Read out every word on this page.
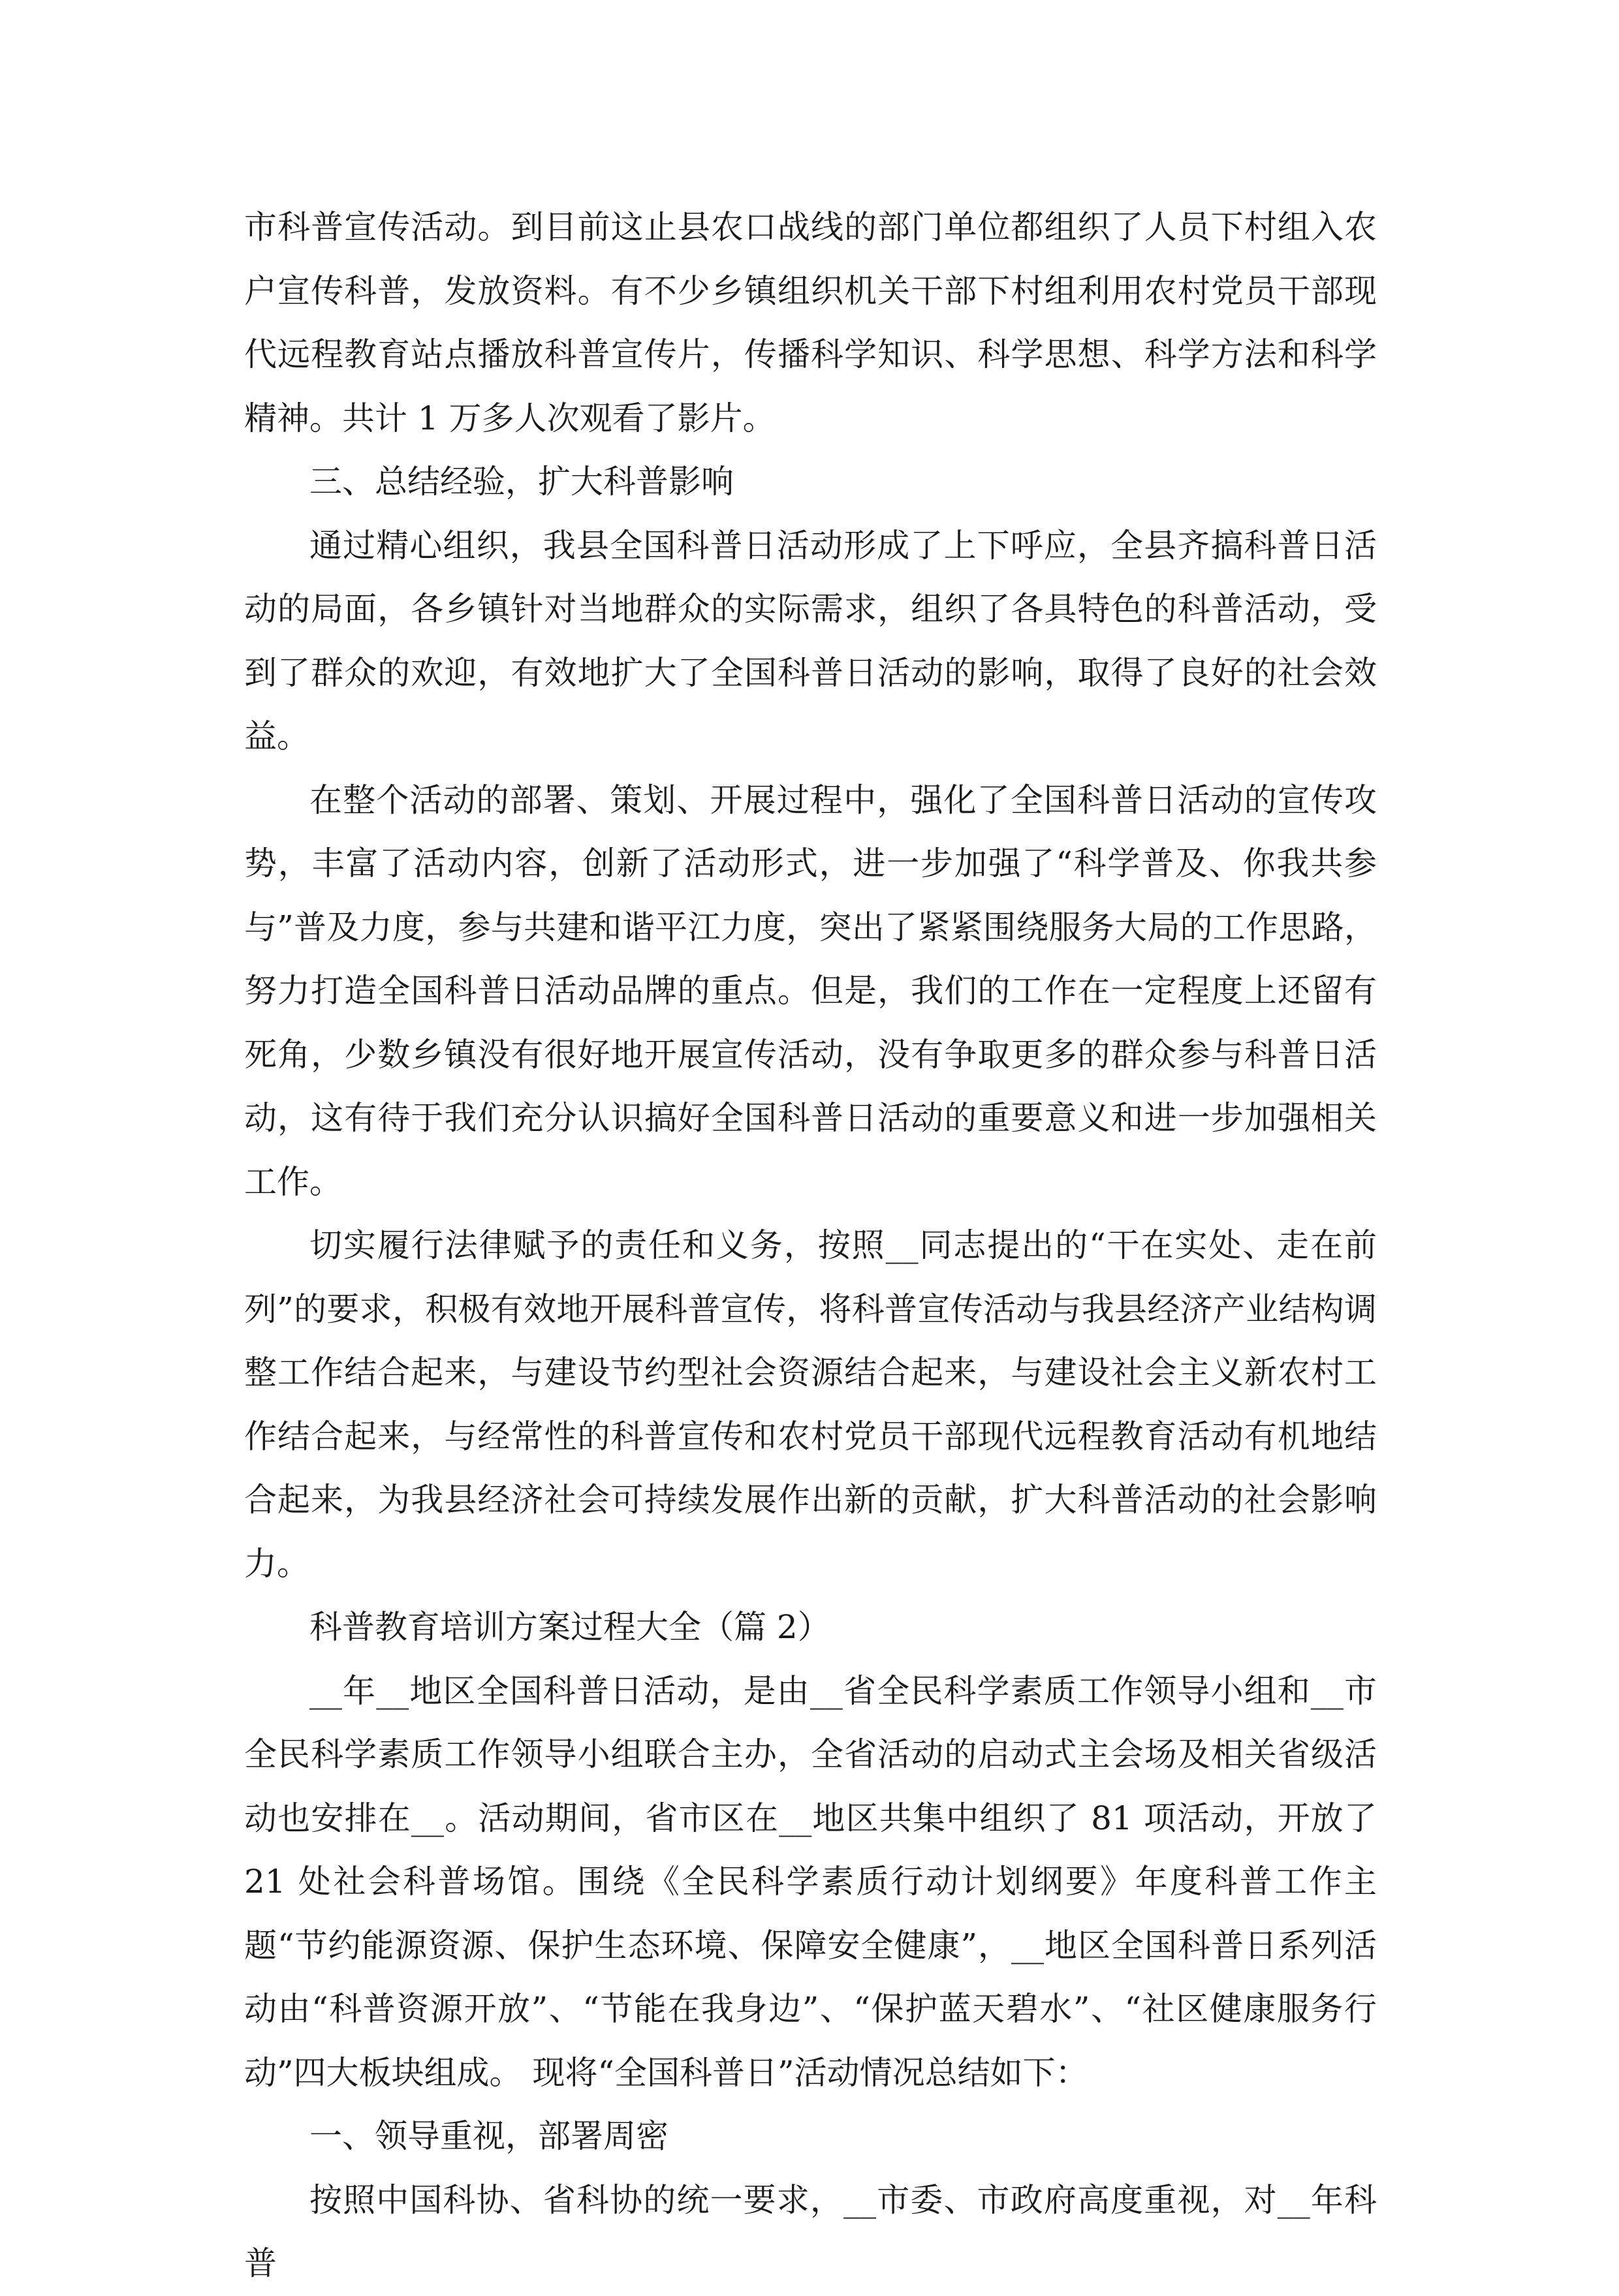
市科普宣传活动。到目前这止县农口战线的部门单位都组织了人员下村组入农户宣传科普，发放资料。有不少乡镇组织机关干部下村组利用农村党员干部现代远程教育站点播放科普宣传片，传播科学知识、科学思想、科学方法和科学精神。共计 1 万多人次观看了影片。

三、总结经验，扩大科普影响

通过精心组织，我县全国科普日活动形成了上下呼应，全县齐搞科普日活动的局面，各乡镇针对当地群众的实际需求，组织了各具特色的科普活动，受到了群众的欢迎，有效地扩大了全国科普日活动的影响，取得了良好的社会效益。

在整个活动的部署、策划、开展过程中，强化了全国科普日活动的宣传攻势，丰富了活动内容，创新了活动形式，进一步加强了“科学普及、你我共参与”普及力度，参与共建和谐平江力度，突出了紧紧围绕服务大局的工作思路，努力打造全国科普日活动品牌的重点。但是，我们的工作在一定程度上还留有死角，少数乡镇没有很好地开展宣传活动，没有争取更多的群众参与科普日活动，这有待于我们充分认识搞好全国科普日活动的重要意义和进一步加强相关工作。

切实履行法律赋予的责任和义务，按照__同志提出的“干在实处、走在前列”的要求，积极有效地开展科普宣传，将科普宣传活动与我县经济产业结构调整工作结合起来，与建设节约型社会资源结合起来，与建设社会主义新农村工作结合起来，与经常性的科普宣传和农村党员干部现代远程教育活动有机地结合起来，为我县经济社会可持续发展作出新的贡献，扩大科普活动的社会影响力。

科普教育培训方案过程大全（篇 2）

__年__地区全国科普日活动，是由__省全民科学素质工作领导小组和__市全民科学素质工作领导小组联合主办，全省活动的启动式主会场及相关省级活动也安排在__。活动期间，省市区在__地区共集中组织了 81 项活动，开放了 21 处社会科普场馆。围绕《全民科学素质行动计划纲要》年度科普工作主题“节约能源资源、保护生态环境、保障安全健康”，__地区全国科普日系列活动由“科普资源开放”、“节能在我身边”、“保护蓝天碧水”、“社区健康服务行动”四大板块组成。 现将“全国科普日”活动情况总结如下：

一、领导重视，部署周密

按照中国科协、省科协的统一要求，__市委、市政府高度重视，对__年科普
